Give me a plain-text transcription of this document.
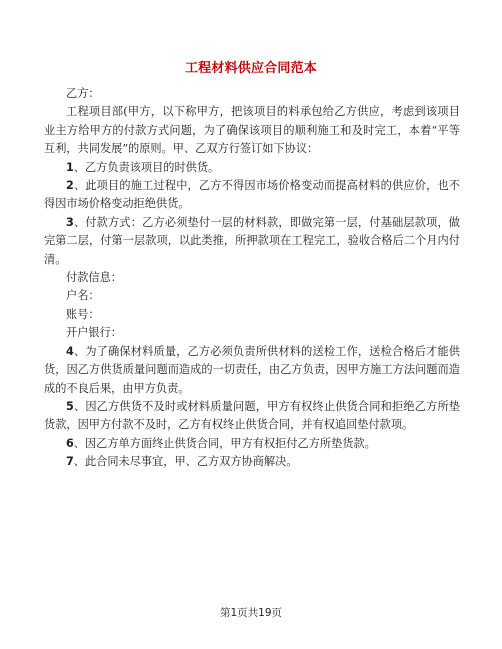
工程材料供应合同范本

乙方：

工程项目部(甲方，以下称甲方，把该项目的料承包给乙方供应，考虑到该项目业主方给甲方的付款方式问题，为了确保该项目的顺利施工和及时完工，本着“平等互利，共同发展”的原则。甲、乙双方行签订如下协议：

1、乙方负责该项目的时供货。

2、此项目的施工过程中，乙方不得因市场价格变动而提高材料的供应价，也不得因市场价格变动拒绝供货。

3、付款方式：乙方必须垫付一层的材料款，即做完第一层，付基础层款项，做完第二层，付第一层款项，以此类推，所押款项在工程完工，验收合格后二个月内付清。

付款信息：

户名：

账号：

开户银行：

4、为了确保材料质量，乙方必须负责所供材料的送检工作，送检合格后才能供货，因乙方供货质量问题而造成的一切责任，由乙方负责，因甲方施工方法问题而造成的不良后果，由甲方负责。

5、因乙方供货不及时或材料质量问题，甲方有权终止供货合同和拒绝乙方所垫货款，因甲方付款不及时，乙方有权终止供货合同，并有权追回垫付款项。

6、因乙方单方面终止供货合同，甲方有权拒付乙方所垫货款。

7、此合同未尽事宜，甲、乙方双方协商解决。

第1页共19页
